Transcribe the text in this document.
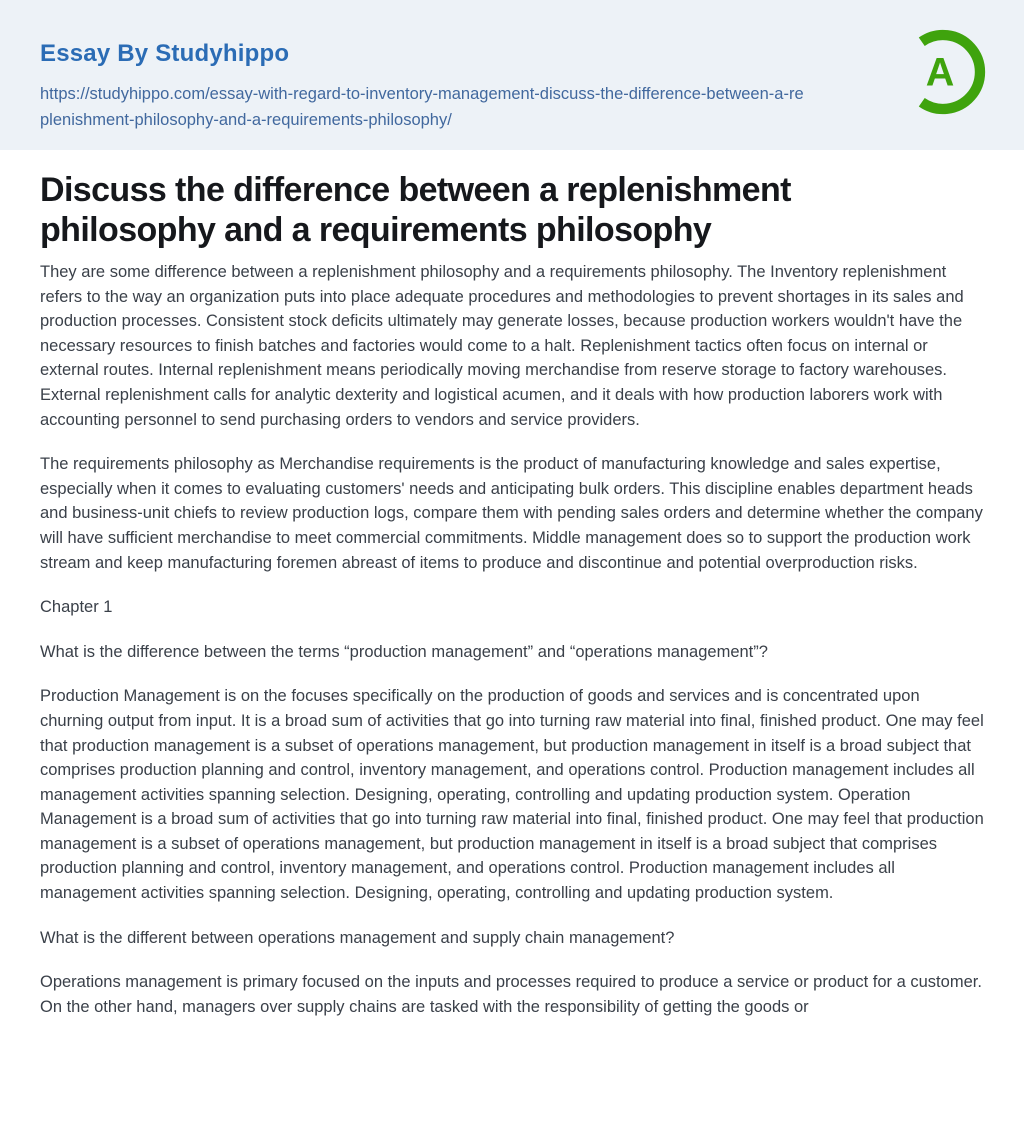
Essay By Studyhippo
https://studyhippo.com/essay-with-regard-to-inventory-management-discuss-the-difference-between-a-replenishment-philosophy-and-a-requirements-philosophy/
A
Discuss the difference between a replenishment philosophy and a requirements philosophy

They are some difference between a replenishment philosophy and a requirements philosophy. The Inventory replenishment refers to the way an organization puts into place adequate procedures and methodologies to prevent shortages in its sales and production processes. Consistent stock deficits ultimately may generate losses, because production workers wouldn't have the necessary resources to finish batches and factories would come to a halt. Replenishment tactics often focus on internal or external routes. Internal replenishment means periodically moving merchandise from reserve storage to factory warehouses. External replenishment calls for analytic dexterity and logistical acumen, and it deals with how production laborers work with accounting personnel to send purchasing orders to vendors and service providers.

The requirements philosophy as Merchandise requirements is the product of manufacturing knowledge and sales expertise, especially when it comes to evaluating customers' needs and anticipating bulk orders. This discipline enables department heads and business-unit chiefs to review production logs, compare them with pending sales orders and determine whether the company will have sufficient merchandise to meet commercial commitments. Middle management does so to support the production work stream and keep manufacturing foremen abreast of items to produce and discontinue and potential overproduction risks.

Chapter 1

What is the difference between the terms “production management” and “operations management”?

Production Management is on the focuses specifically on the production of goods and services and is concentrated upon churning output from input. It is a broad sum of activities that go into turning raw material into final, finished product. One may feel that production management is a subset of operations management, but production management in itself is a broad subject that comprises production planning and control, inventory management, and operations control. Production management includes all management activities spanning selection. Designing, operating, controlling and updating production system. Operation Management is a broad sum of activities that go into turning raw material into final, finished product. One may feel that production management is a subset of operations management, but production management in itself is a broad subject that comprises production planning and control, inventory management, and operations control. Production management includes all management activities spanning selection. Designing, operating, controlling and updating production system.

What is the different between operations management and supply chain management?

Operations management is primary focused on the inputs and processes required to produce a service or product for a customer. On the other hand, managers over supply chains are tasked with the responsibility of getting the goods or
